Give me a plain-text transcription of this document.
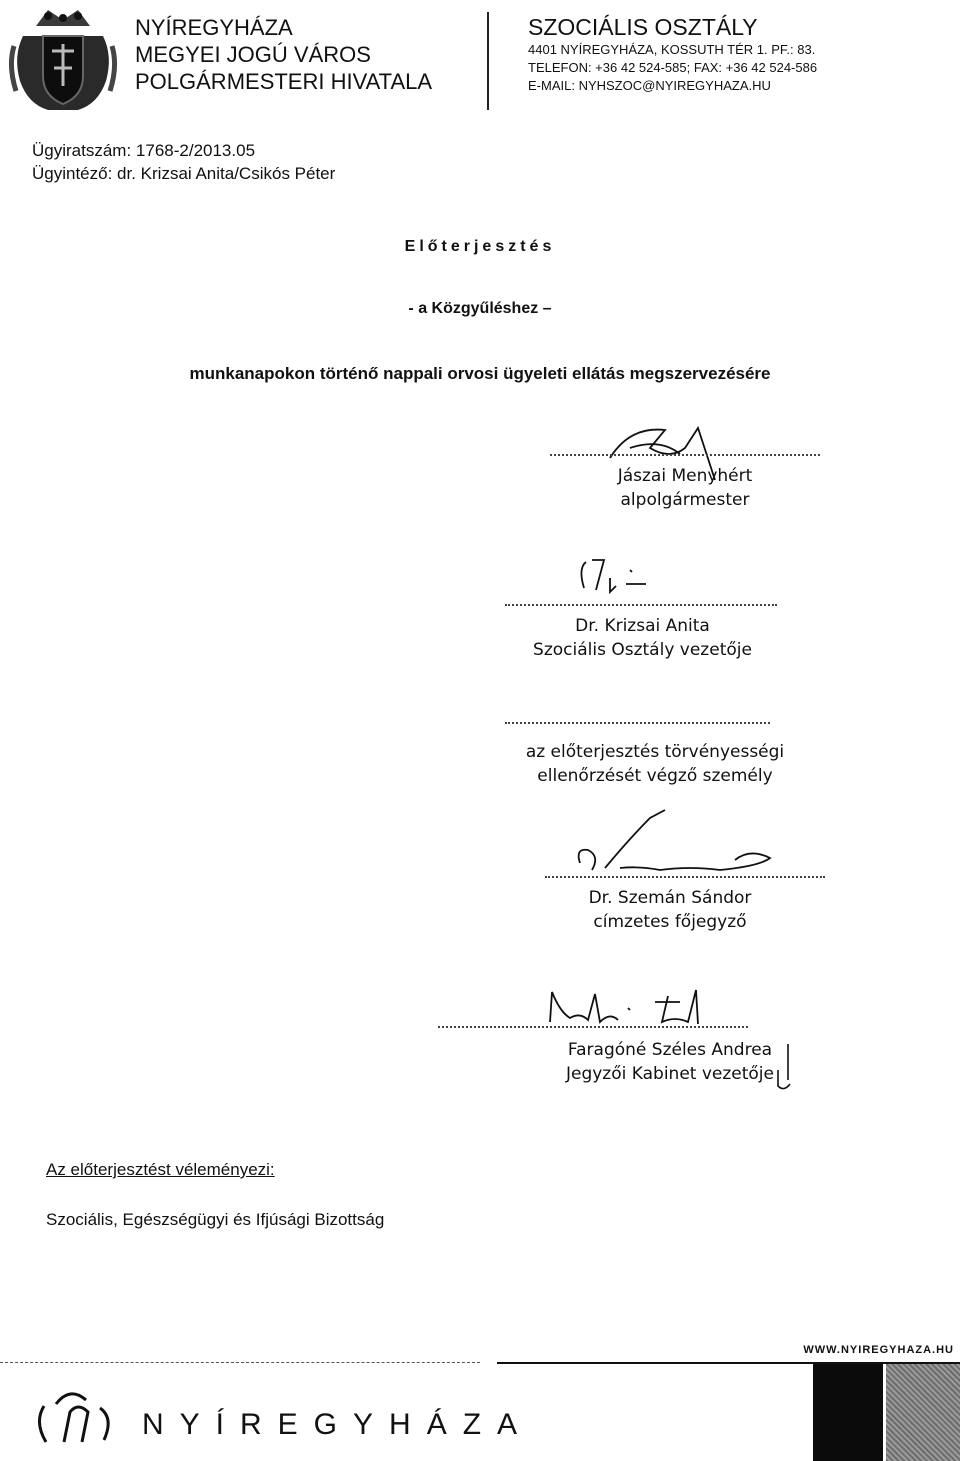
NYÍREGYHÁZA
MEGYEI JOGÚ VÁROS
POLGÁRMESTERI HIVATALA
SZOCIÁLIS OSZTÁLY
4401 NYÍREGYHÁZA, KOSSUTH TÉR 1. PF.: 83.
TELEFON: +36 42 524-585; FAX: +36 42 524-586
E-MAIL: NYHSZOC@NYIREGYHAZA.HU
Ügyiratszám: 1768-2/2013.05
Ügyintéző: dr. Krizsai Anita/Csikós Péter
Előterjesztés
- a Közgyűléshez –
munkanapokon történő nappali orvosi ügyeleti ellátás megszervezésére
Jászai Menyhért
alpolgármester
Dr. Krizsai Anita
Szociális Osztály vezetője
az előterjesztés törvényességi
ellenőrzését végző személy
Dr. Szemán Sándor
címzetes főjegyző
Faragóné Széles Andrea
Jegyzői Kabinet vezetője
Az előterjesztést véleményezi:
Szociális, Egészségügyi és Ifjúsági Bizottság
WWW.NYIREGYHAZA.HU
NYÍREGYHÁZA
